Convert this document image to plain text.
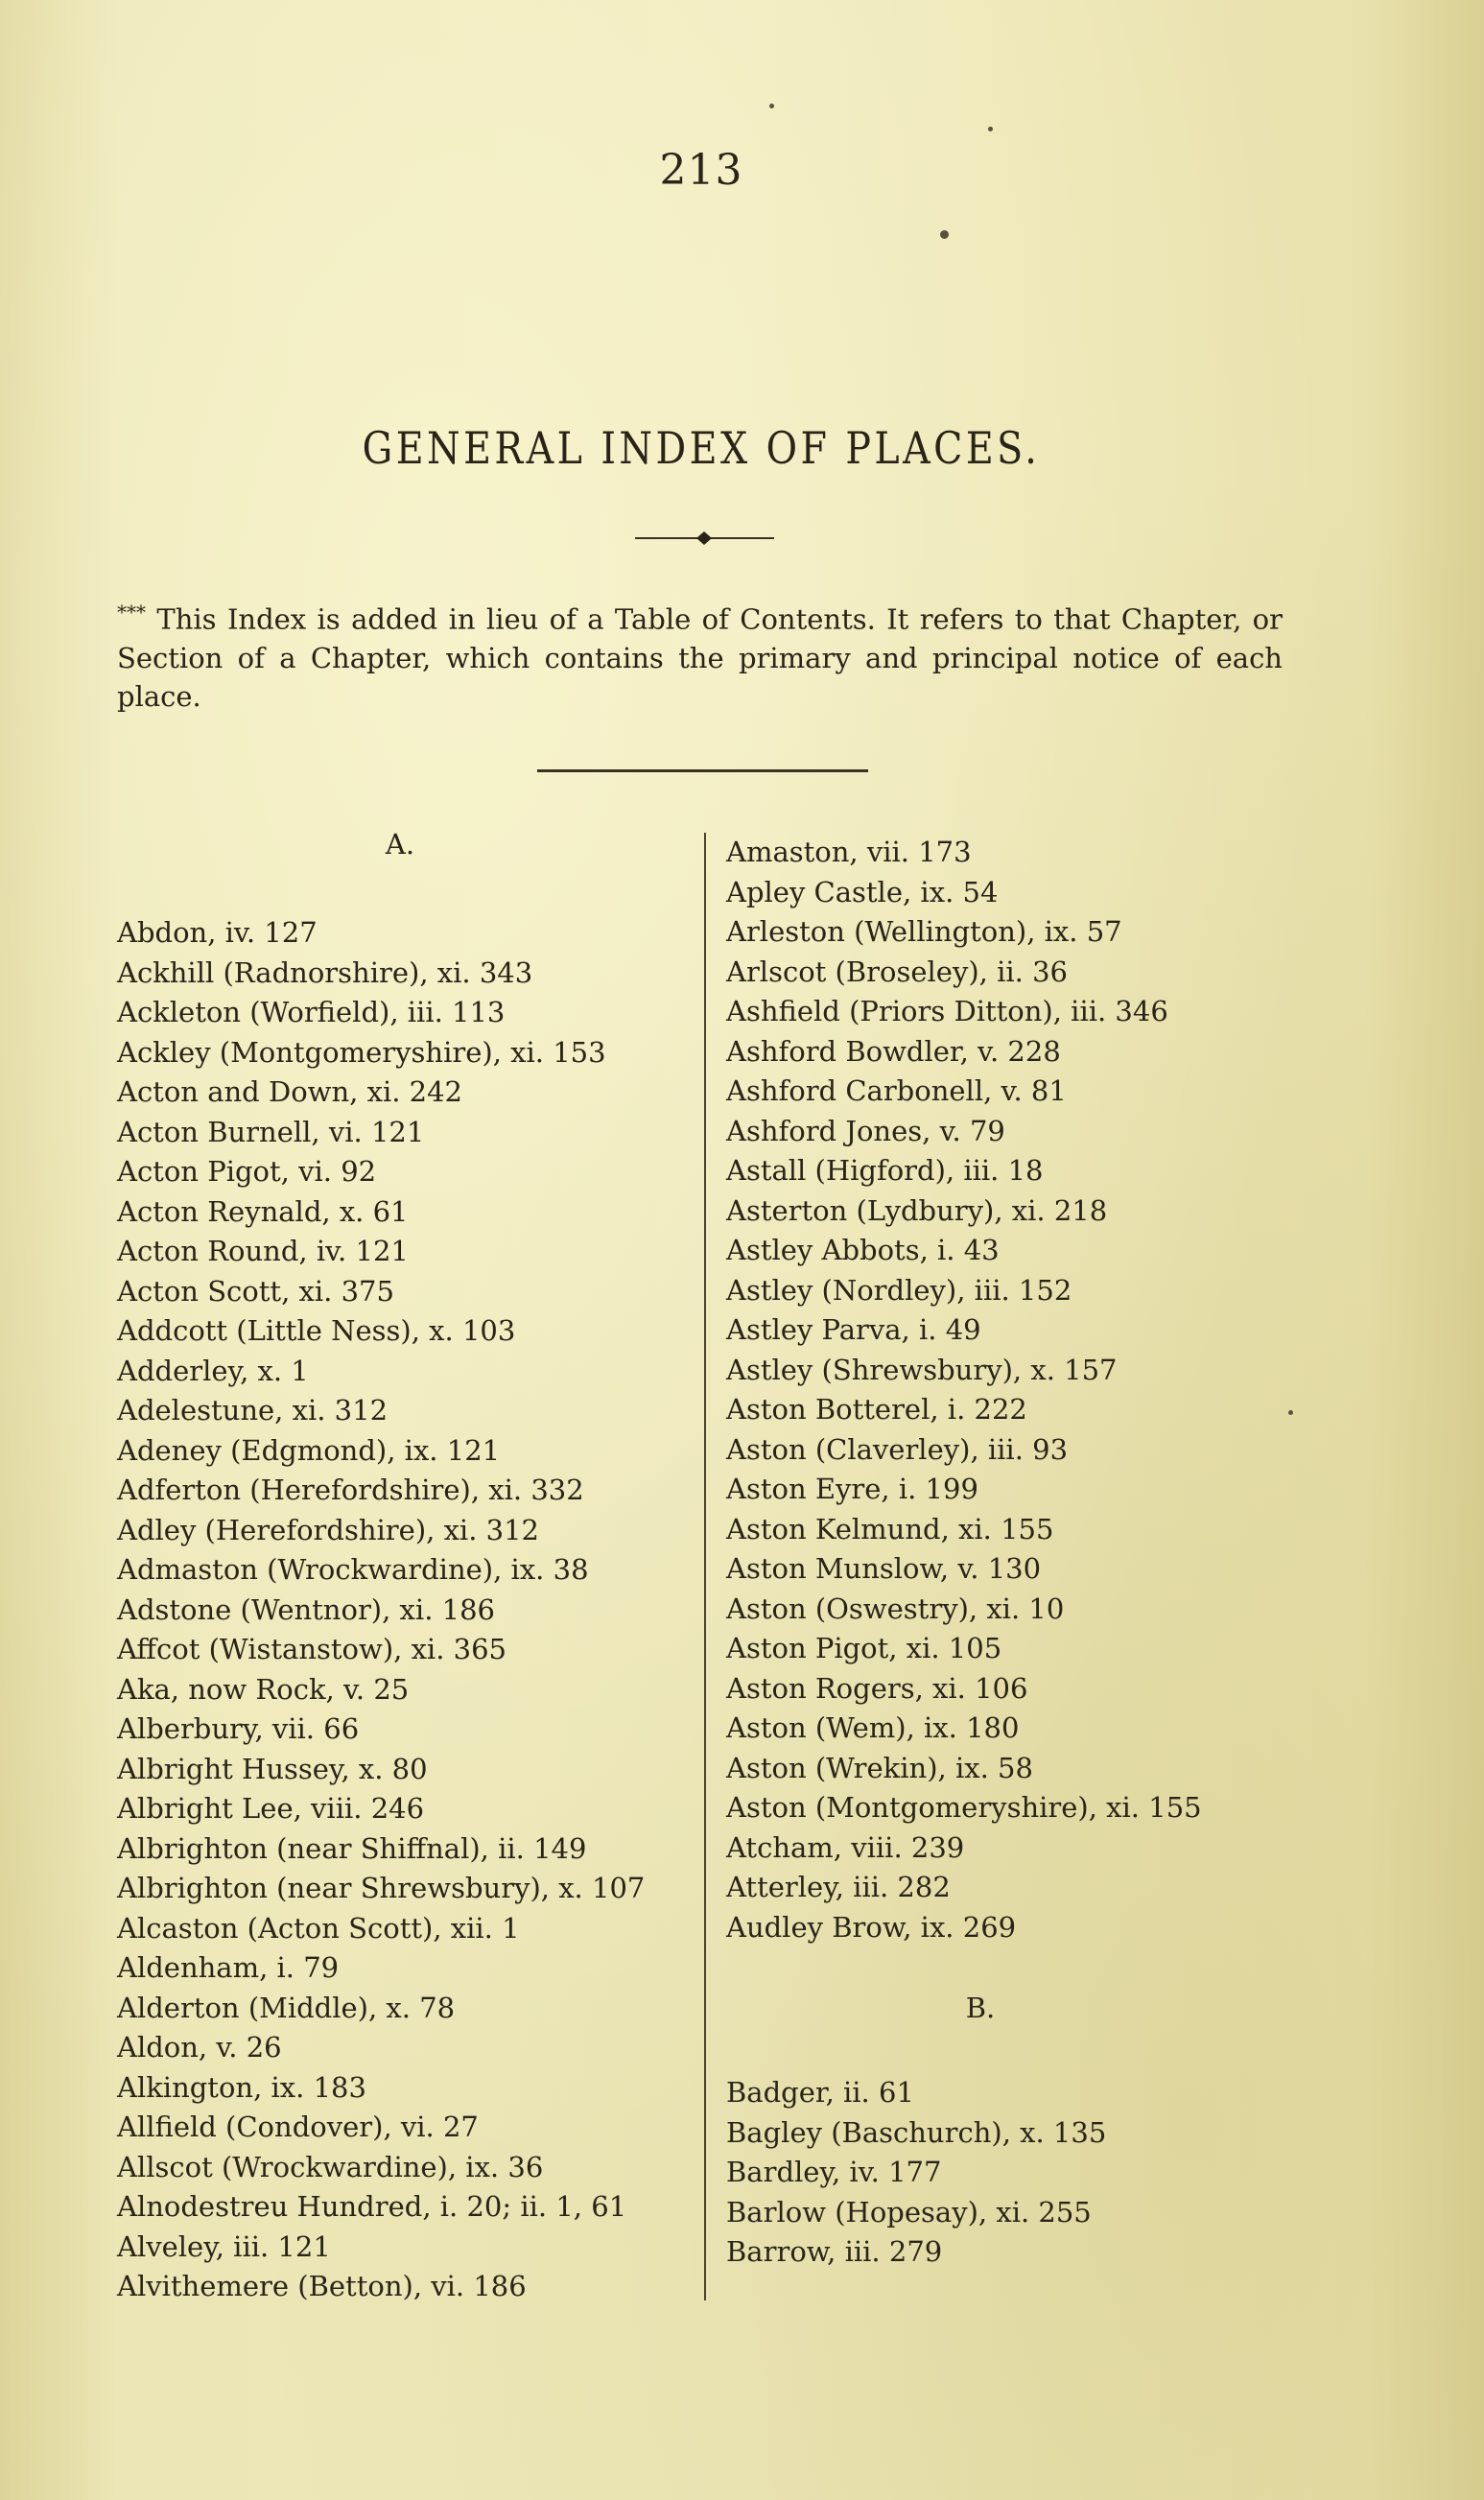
213
GENERAL INDEX OF PLACES.

*** This Index is added in lieu of a Table of Contents. It refers to that Chapter, or Section of a Chapter, which contains the primary and principal notice of each place.

A.

Abdon, iv. 127
Ackhill (Radnorshire), xi. 343
Ackleton (Worfield), iii. 113
Ackley (Montgomeryshire), xi. 153
Acton and Down, xi. 242
Acton Burnell, vi. 121
Acton Pigot, vi. 92
Acton Reynald, x. 61
Acton Round, iv. 121
Acton Scott, xi. 375
Addcott (Little Ness), x. 103
Adderley, x. 1
Adelestune, xi. 312
Adeney (Edgmond), ix. 121
Adferton (Herefordshire), xi. 332
Adley (Herefordshire), xi. 312
Admaston (Wrockwardine), ix. 38
Adstone (Wentnor), xi. 186
Affcot (Wistanstow), xi. 365
Aka, now Rock, v. 25
Alberbury, vii. 66
Albright Hussey, x. 80
Albright Lee, viii. 246
Albrighton (near Shiffnal), ii. 149
Albrighton (near Shrewsbury), x. 107
Alcaston (Acton Scott), xii. 1
Aldenham, i. 79
Alderton (Middle), x. 78
Aldon, v. 26
Alkington, ix. 183
Allfield (Condover), vi. 27
Allscot (Wrockwardine), ix. 36
Alnodestreu Hundred, i. 20; ii. 1, 61
Alveley, iii. 121
Alvithemere (Betton), vi. 186
Amaston, vii. 173
Apley Castle, ix. 54
Arleston (Wellington), ix. 57
Arlscot (Broseley), ii. 36
Ashfield (Priors Ditton), iii. 346
Ashford Bowdler, v. 228
Ashford Carbonell, v. 81
Ashford Jones, v. 79
Astall (Higford), iii. 18
Asterton (Lydbury), xi. 218
Astley Abbots, i. 43
Astley (Nordley), iii. 152
Astley Parva, i. 49
Astley (Shrewsbury), x. 157
Aston Botterel, i. 222
Aston (Claverley), iii. 93
Aston Eyre, i. 199
Aston Kelmund, xi. 155
Aston Munslow, v. 130
Aston (Oswestry), xi. 10
Aston Pigot, xi. 105
Aston Rogers, xi. 106
Aston (Wem), ix. 180
Aston (Wrekin), ix. 58
Aston (Montgomeryshire), xi. 155
Atcham, viii. 239
Atterley, iii. 282
Audley Brow, ix. 269

B.

Badger, ii. 61
Bagley (Baschurch), x. 135
Bardley, iv. 177
Barlow (Hopesay), xi. 255
Barrow, iii. 279
